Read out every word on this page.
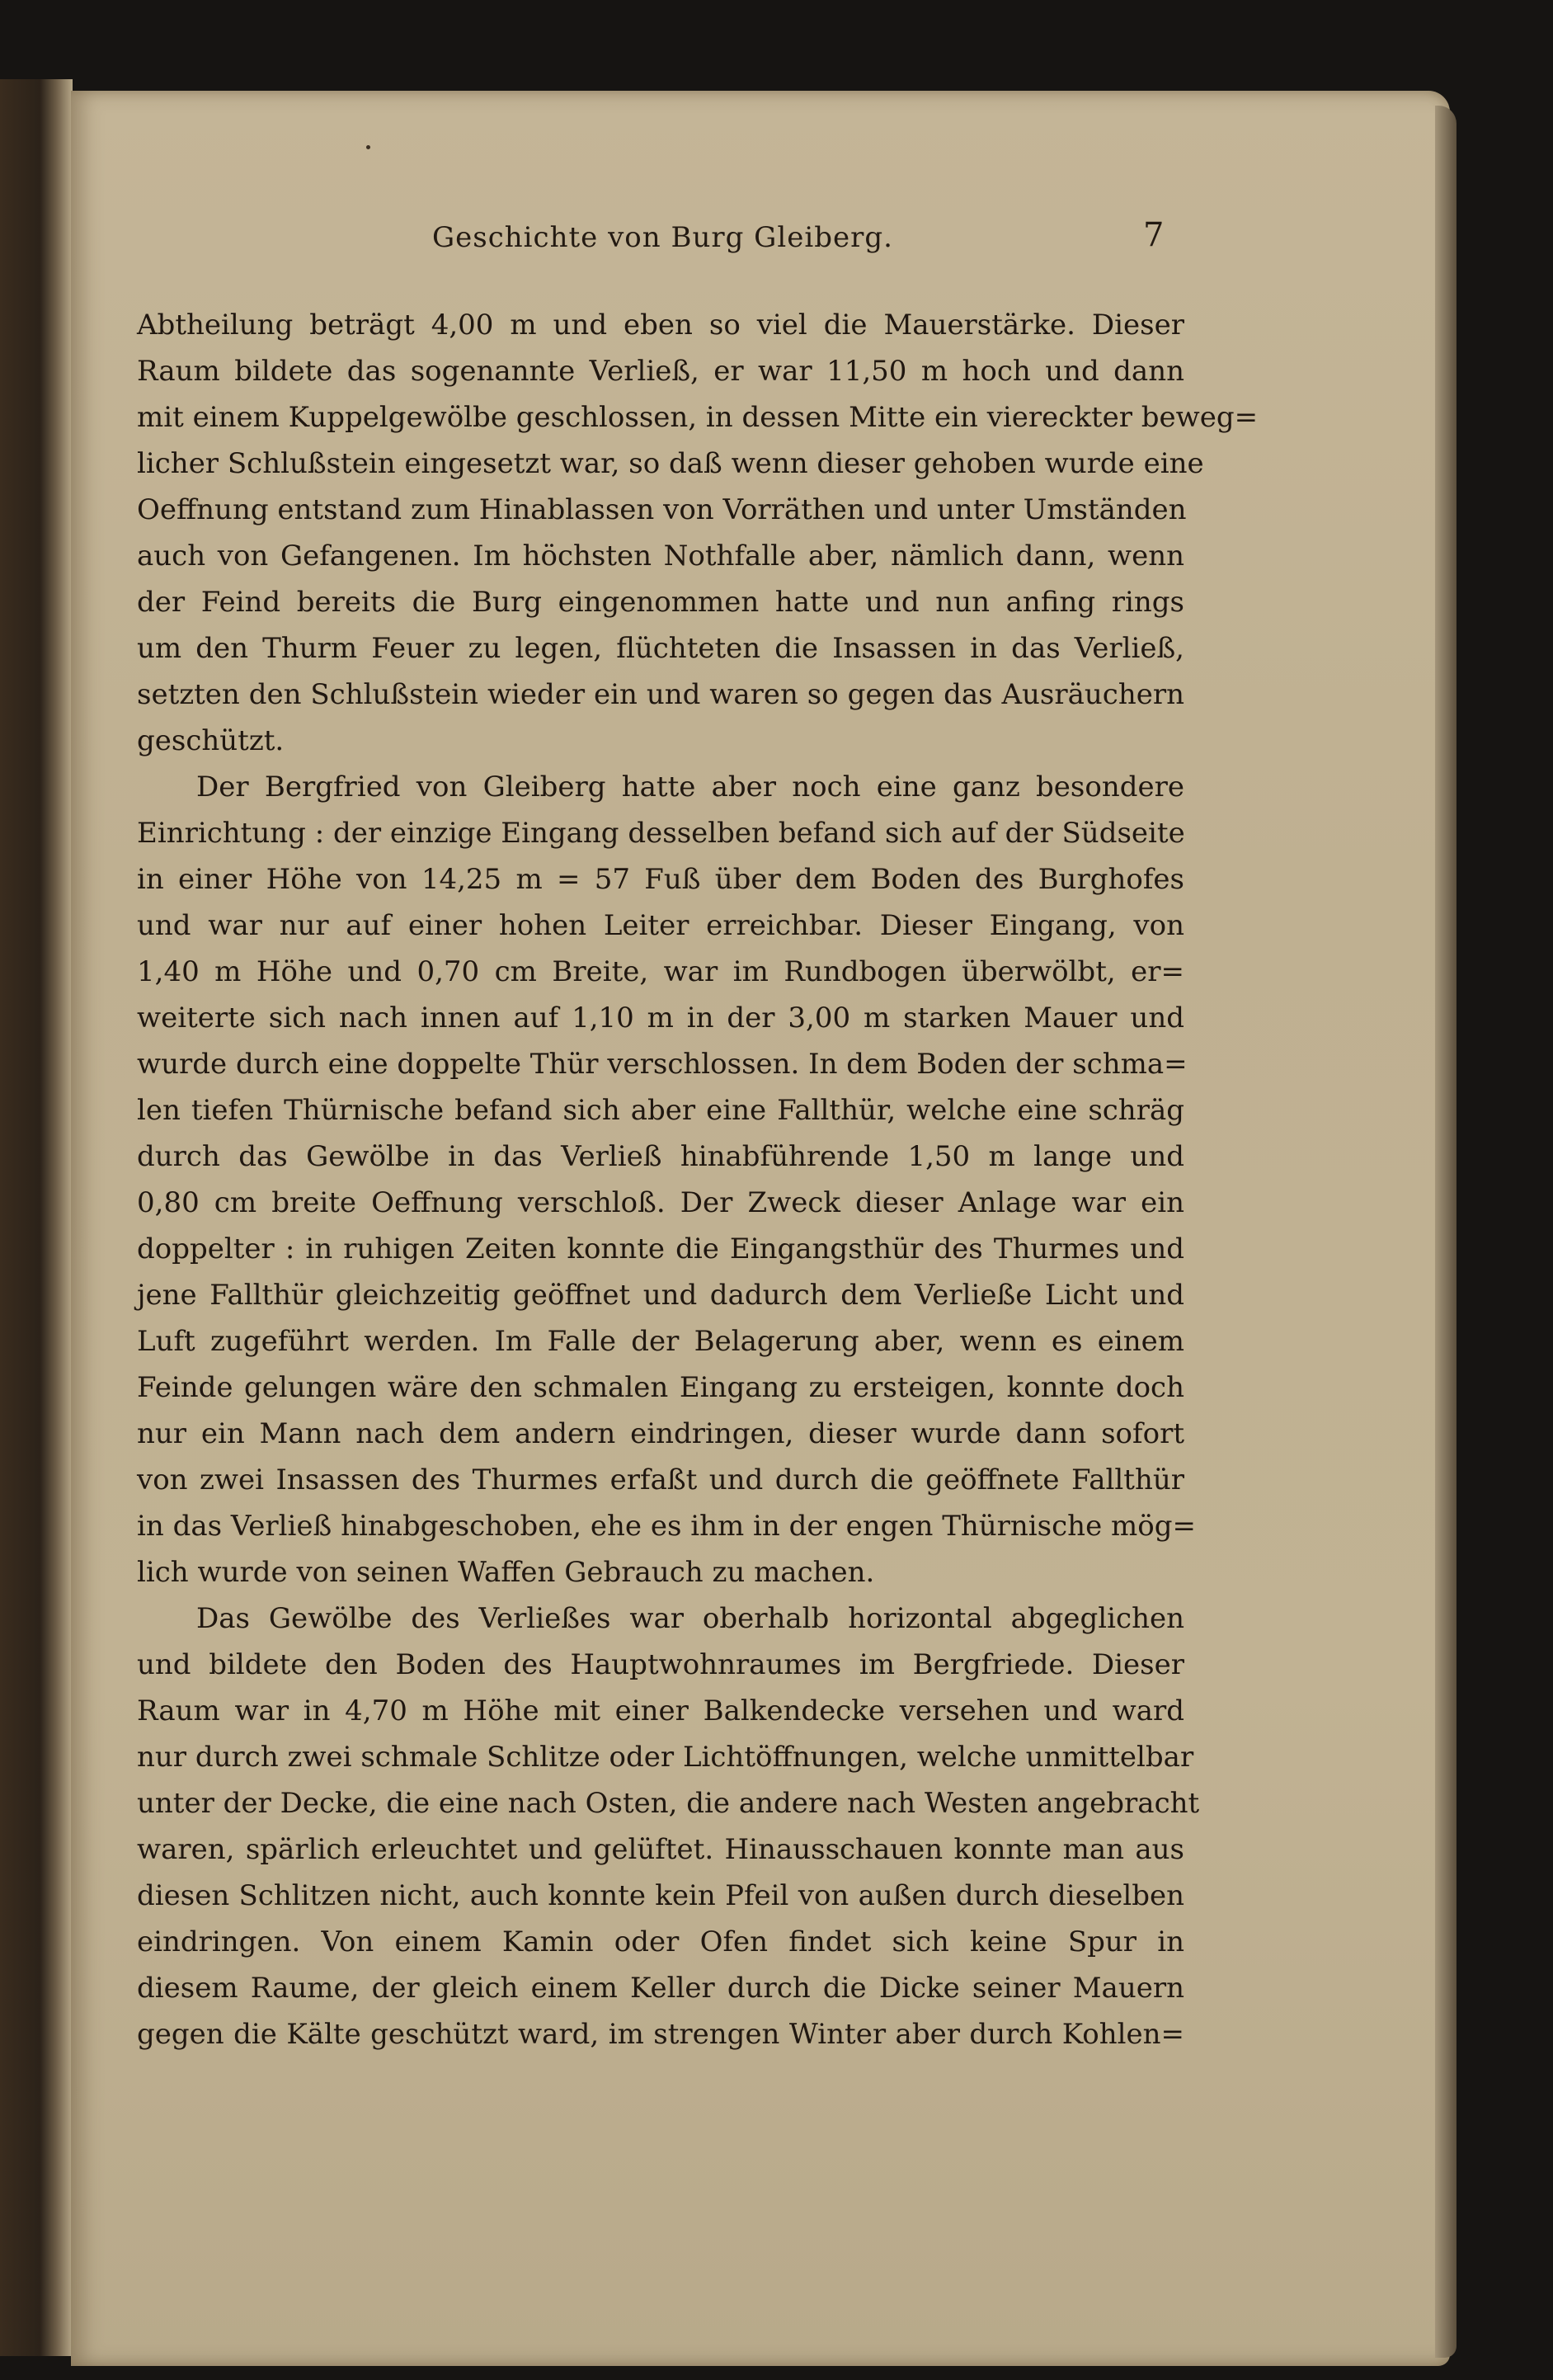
Geschichte von Burg Gleiberg.	7
Abtheilung beträgt 4,00 m und eben so viel die Mauerstärke. Dieser
Raum bildete das sogenannte Verließ, er war 11,50 m hoch und dann
mit einem Kuppelgewölbe geschlossen, in dessen Mitte ein viereckter beweg=
licher Schlußstein eingesetzt war, so daß wenn dieser gehoben wurde eine
Oeffnung entstand zum Hinablassen von Vorräthen und unter Umständen
auch von Gefangenen. Im höchsten Nothfalle aber, nämlich dann, wenn
der Feind bereits die Burg eingenommen hatte und nun anfing rings
um den Thurm Feuer zu legen, flüchteten die Insassen in das Verließ,
setzten den Schlußstein wieder ein und waren so gegen das Ausräuchern
geschützt.
Der Bergfried von Gleiberg hatte aber noch eine ganz besondere
Einrichtung : der einzige Eingang desselben befand sich auf der Südseite
in einer Höhe von 14,25 m = 57 Fuß über dem Boden des Burghofes
und war nur auf einer hohen Leiter erreichbar. Dieser Eingang, von
1,40 m Höhe und 0,70 cm Breite, war im Rundbogen überwölbt, er=
weiterte sich nach innen auf 1,10 m in der 3,00 m starken Mauer und
wurde durch eine doppelte Thür verschlossen. In dem Boden der schma=
len tiefen Thürnische befand sich aber eine Fallthür, welche eine schräg
durch das Gewölbe in das Verließ hinabführende 1,50 m lange und
0,80 cm breite Oeffnung verschloß. Der Zweck dieser Anlage war ein
doppelter : in ruhigen Zeiten konnte die Eingangsthür des Thurmes und
jene Fallthür gleichzeitig geöffnet und dadurch dem Verließe Licht und
Luft zugeführt werden. Im Falle der Belagerung aber, wenn es einem
Feinde gelungen wäre den schmalen Eingang zu ersteigen, konnte doch
nur ein Mann nach dem andern eindringen, dieser wurde dann sofort
von zwei Insassen des Thurmes erfaßt und durch die geöffnete Fallthür
in das Verließ hinabgeschoben, ehe es ihm in der engen Thürnische mög=
lich wurde von seinen Waffen Gebrauch zu machen.
Das Gewölbe des Verließes war oberhalb horizontal abgeglichen
und bildete den Boden des Hauptwohnraumes im Bergfriede. Dieser
Raum war in 4,70 m Höhe mit einer Balkendecke versehen und ward
nur durch zwei schmale Schlitze oder Lichtöffnungen, welche unmittelbar
unter der Decke, die eine nach Osten, die andere nach Westen angebracht
waren, spärlich erleuchtet und gelüftet. Hinausschauen konnte man aus
diesen Schlitzen nicht, auch konnte kein Pfeil von außen durch dieselben
eindringen. Von einem Kamin oder Ofen findet sich keine Spur in
diesem Raume, der gleich einem Keller durch die Dicke seiner Mauern
gegen die Kälte geschützt ward, im strengen Winter aber durch Kohlen=
